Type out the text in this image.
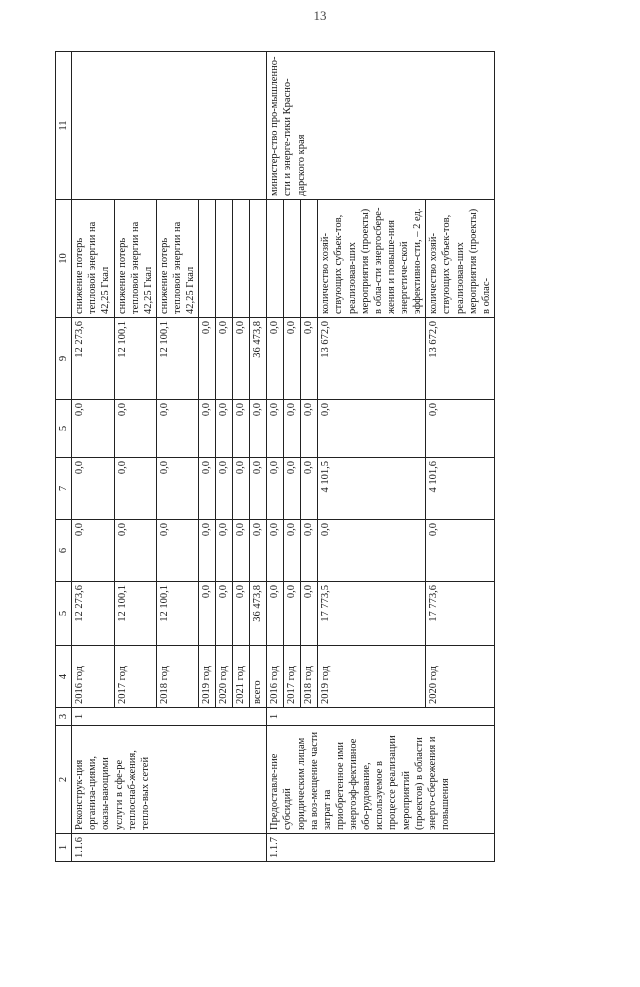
13
1	2	3	4	5	6	7	5	9	10	11
1.1.6	Реконструк-ция организа-циями, оказы-вающими услуги в сфе-ре теплоснаб-жения, тепло-вых сетей	1	2016 год	12 273,6	0,0	0,0	0,0	12 273,6	снижение потерь тепловой энергии на 42,25 Гкал	
			2017 год	12 100,1	0,0	0,0	0,0	12 100,1	снижение потерь тепловой энергии на 42,25 Гкал	
			2018 год	12 100,1	0,0	0,0	0,0	12 100,1	снижение потерь тепловой энергии на 42,25 Гкал	
			2019 год	0,0	0,0	0,0	0,0	0,0		
			2020 год	0,0	0,0	0,0	0,0	0,0		
			2021 год	0,0	0,0	0,0	0,0	0,0		
			всего	36 473,8	0,0	0,0	0,0	36 473,8		
1.1.7	Предоставле-ние субсидий юридическим лицам на воз-мещение части затрат на приобретенное ими энергоэф-фективное обо-рудование, используемое в процессе реализации мероприятий (проектов) в области энерго-сбережения и повышения	1	2016 год	0,0	0,0	0,0	0,0	0,0		министер-ство про-мышленно-сти и энерге-тики Красно-дарского края
			2017 год	0,0	0,0	0,0	0,0	0,0		
			2018 год	0,0	0,0	0,0	0,0	0,0		
			2019 год	17 773,5	0,0	4 101,5	0,0	13 672,0	количество хозяй-ствующих субъек-тов, реализовав-ших мероприятия (проекты) в обла-сти энергосбере-жения и повыше-ния энергетиче-ской эффективно-сти, – 2 ед.	
			2020 год	17 773,6	0,0	4 101,6	0,0	13 672,0	количество хозяй-ствующих субъек-тов, реализовав-ших мероприятия (проекты) в облас-	
